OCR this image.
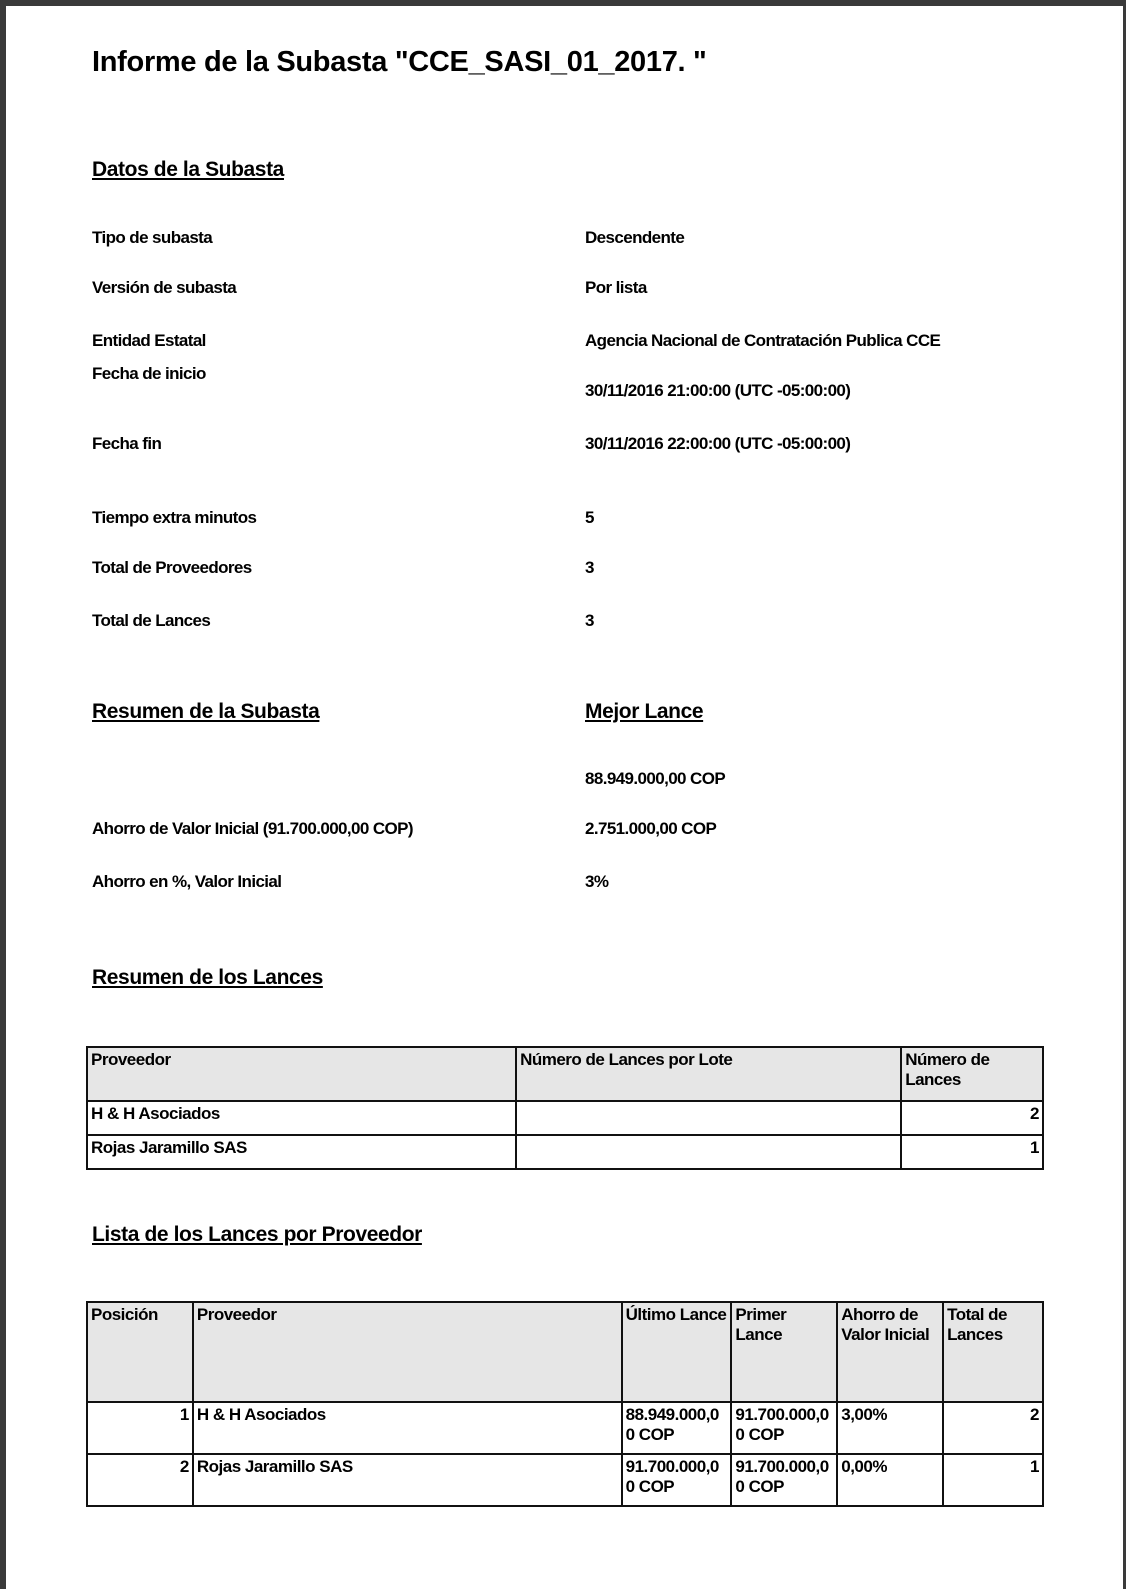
Informe de la Subasta "CCE_SASI_01_2017. "
Datos de la Subasta
Tipo de subasta	Descendente
Versión de subasta	Por lista
Entidad Estatal	Agencia Nacional de Contratación Publica CCE
Fecha de inicio
30/11/2016 21:00:00 (UTC -05:00:00)
Fecha fin	30/11/2016 22:00:00 (UTC -05:00:00)
Tiempo extra minutos	5
Total de Proveedores	3
Total de Lances	3
Resumen de la Subasta	Mejor Lance
88.949.000,00 COP
Ahorro de Valor Inicial (91.700.000,00 COP)	2.751.000,00 COP
Ahorro en %, Valor Inicial	3%
Resumen de los Lances
Proveedor	Número de Lances por Lote	Número de Lances
H & H Asociados		2
Rojas Jaramillo SAS		1
Lista de los Lances por Proveedor
Posición	Proveedor	Último Lance	Primer Lance	Ahorro de Valor Inicial	Total de Lances
1	H & H Asociados	88.949.000,00 COP	91.700.000,00 COP	3,00%	2
2	Rojas Jaramillo SAS	91.700.000,00 COP	91.700.000,00 COP	0,00%	1
